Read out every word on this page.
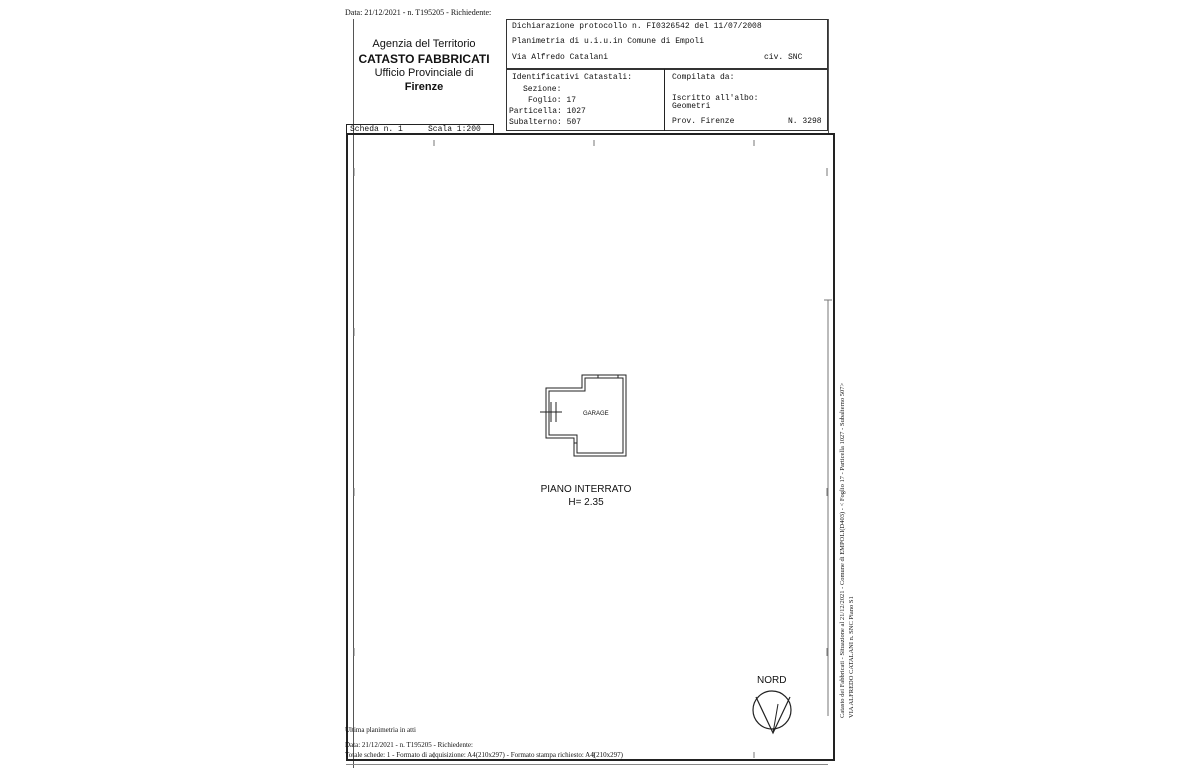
Data: 21/12/2021 - n. T195205 - Richiedente:
Agenzia del Territorio
CATASTO FABBRICATI
Ufficio Provinciale di
Firenze
Dichiarazione protocollo n. FI0326542 del 11/07/2008
Planimetria di u.i.u.in Comune di Empoli
Via Alfredo Catalani	civ. SNC
Identificativi Catastali:
Sezione:
Foglio: 17
Particella: 1027
Subalterno: 507
Compilata da:
Iscritto all'albo:
Geometri
Prov. Firenze	N. 3298
Scheda n. 1	Scala 1:200
GARAGE
PIANO INTERRATO
H= 2.35
NORD	Catasto dei Fabbricati - Situazione al 21/12/2021 - Comune di EMPOLI(D403) - < Foglio 17 - Particella 1027 - Subalterno 507> VIA ALFREDO CATALANI n. SNC Piano S1
Ultima planimetria in atti
Data: 21/12/2021 - n. T195205 - Richiedente:
Totale schede: 1 - Formato di acquisizione: A4(210x297) - Formato stampa richiesto: A4(210x297)
